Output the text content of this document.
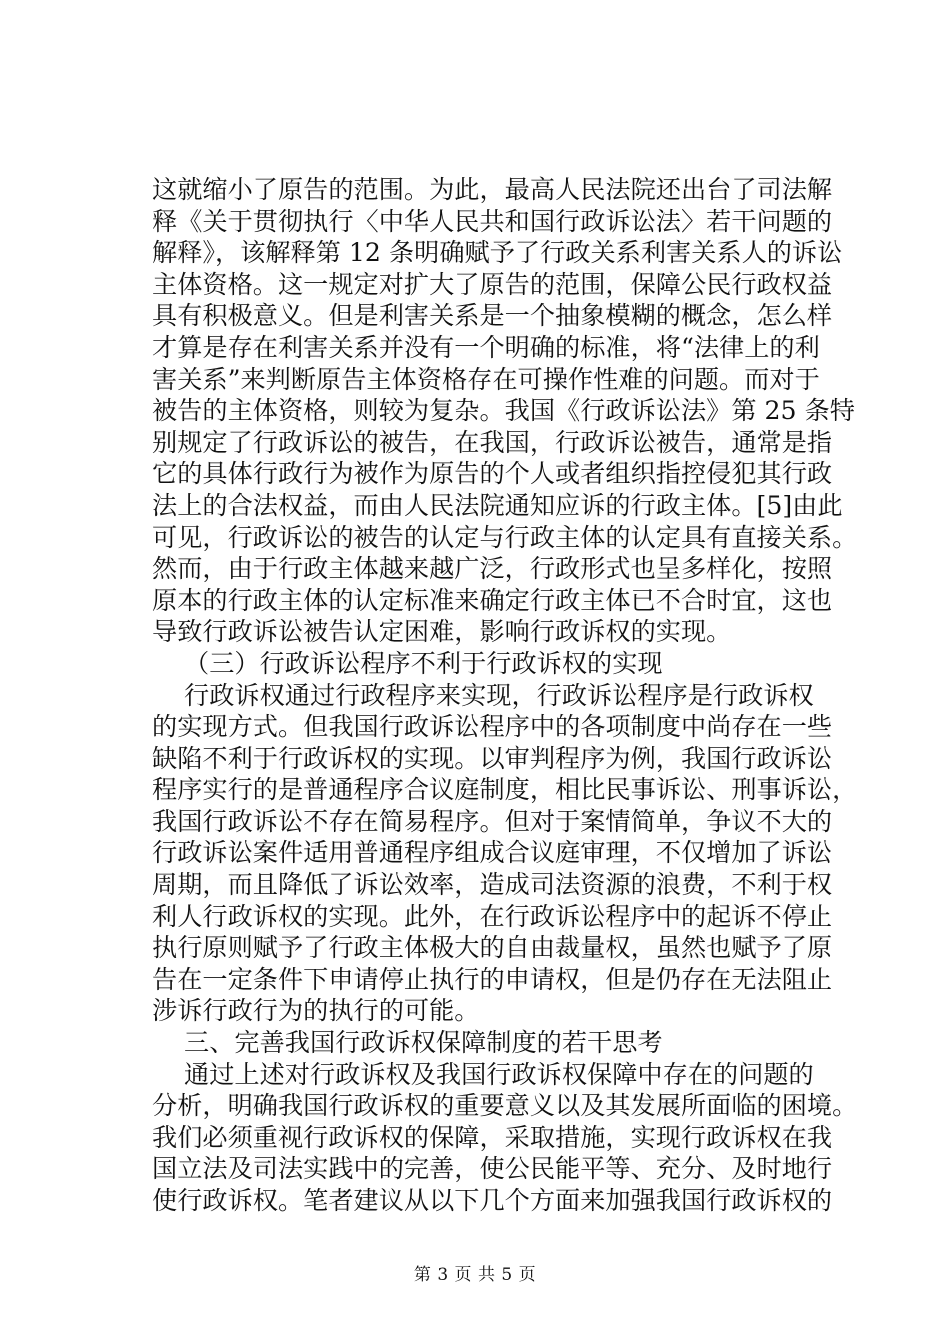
这就缩小了原告的范围。为此，最高人民法院还出台了司法解
释《关于贯彻执行〈中华人民共和国行政诉讼法〉若干问题的
解释》，该解释第 12 条明确赋予了行政关系利害关系人的诉讼
主体资格。这一规定对扩大了原告的范围，保障公民行政权益
具有积极意义。但是利害关系是一个抽象模糊的概念，怎么样
才算是存在利害关系并没有一个明确的标准，将“法律上的利
害关系”来判断原告主体资格存在可操作性难的问题。而对于
被告的主体资格，则较为复杂。我国《行政诉讼法》第 25 条特
别规定了行政诉讼的被告，在我国，行政诉讼被告，通常是指
它的具体行政行为被作为原告的个人或者组织指控侵犯其行政
法上的合法权益，而由人民法院通知应诉的行政主体。[5]由此
可见，行政诉讼的被告的认定与行政主体的认定具有直接关系。
然而，由于行政主体越来越广泛，行政形式也呈多样化，按照
原本的行政主体的认定标准来确定行政主体已不合时宜，这也
导致行政诉讼被告认定困难，影响行政诉权的实现。
（三）行政诉讼程序不利于行政诉权的实现
行政诉权通过行政程序来实现，行政诉讼程序是行政诉权
的实现方式。但我国行政诉讼程序中的各项制度中尚存在一些
缺陷不利于行政诉权的实现。以审判程序为例，我国行政诉讼
程序实行的是普通程序合议庭制度，相比民事诉讼、刑事诉讼，
我国行政诉讼不存在简易程序。但对于案情简单，争议不大的
行政诉讼案件适用普通程序组成合议庭审理，不仅增加了诉讼
周期，而且降低了诉讼效率，造成司法资源的浪费，不利于权
利人行政诉权的实现。此外，在行政诉讼程序中的起诉不停止
执行原则赋予了行政主体极大的自由裁量权，虽然也赋予了原
告在一定条件下申请停止执行的申请权，但是仍存在无法阻止
涉诉行政行为的执行的可能。
三、完善我国行政诉权保障制度的若干思考
通过上述对行政诉权及我国行政诉权保障中存在的问题的
分析，明确我国行政诉权的重要意义以及其发展所面临的困境。
我们必须重视行政诉权的保障，采取措施，实现行政诉权在我
国立法及司法实践中的完善，使公民能平等、充分、及时地行
使行政诉权。笔者建议从以下几个方面来加强我国行政诉权的
第 3 页 共 5 页
